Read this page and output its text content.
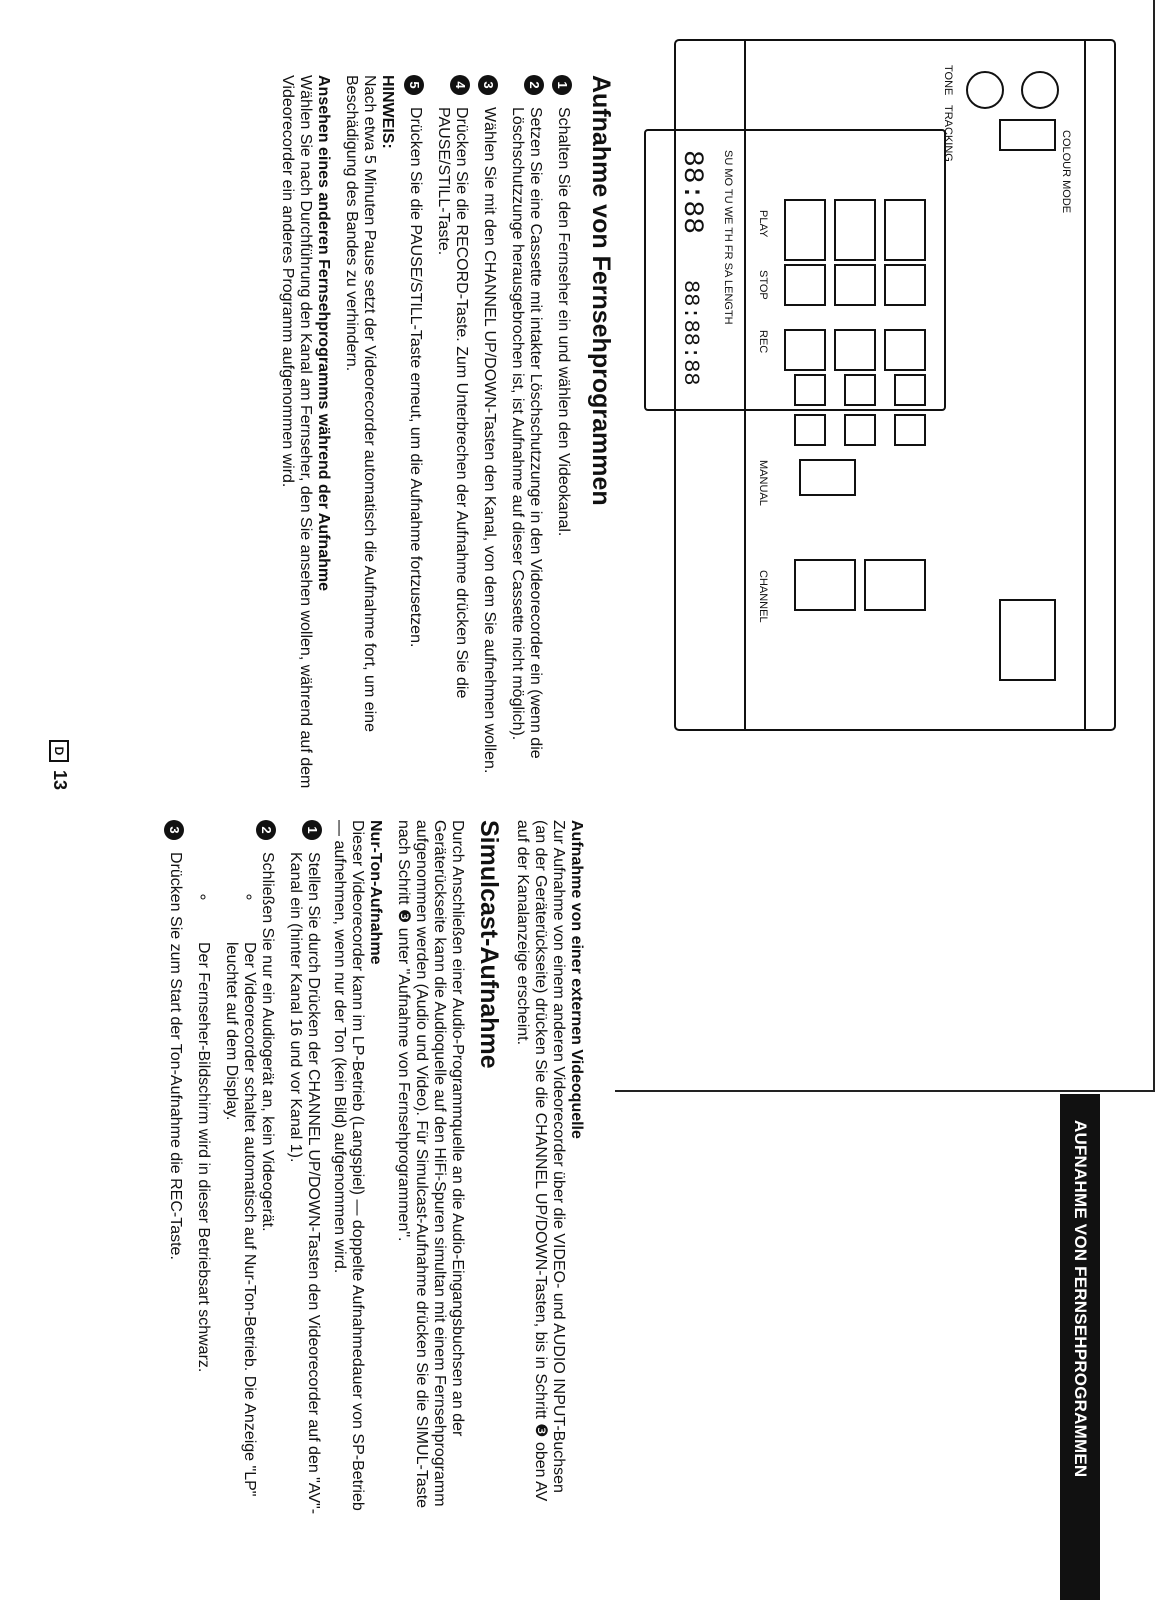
AUFNAHME VON FERNSEHPROGRAMMEN
TONE
TRACKING	COLOUR MODE
PLAY
STOP
REC
MANUAL
CHANNEL
88:88
88:88:88
SU MO TU WE TH FR SA
LENGTH
Aufnahme von Fernsehprogrammen
1
Schalten Sie den Fernseher ein und wählen den Videokanal.
2
Setzen Sie eine Cassette mit intakter Löschschutzzunge in den Videorecorder ein (wenn die Löschschutzzunge herausgebrochen ist, ist Aufnahme auf dieser Cassette nicht möglich).
3
Wählen Sie mit den CHANNEL UP/DOWN-Tasten den Kanal, von dem Sie aufnehmen wollen.
4
Drücken Sie die RECORD-Taste. Zum Unterbrechen der Aufnahme drücken Sie die PAUSE/STILL-Taste.
5
Drücken Sie die PAUSE/STILL-Taste erneut, um die Aufnahme fortzusetzen.

HINWEIS:

Nach etwa 5 Minuten Pause setzt der Videorecorder automatisch die Aufnahme fort, um eine Beschädigung des Bandes zu verhindern.

Ansehen eines anderen Fernsehprogramms während der Aufnahme

Wählen Sie nach Durchführung den Kanal am Fernseher, den Sie ansehen wollen, während auf dem Videorecorder ein anderes Programm aufgenommen wird.

D
13

Aufnahme von einer externen Videoquelle

Zur Aufnahme von einem anderen Videorecorder über die VIDEO- und AUDIO INPUT-Buchsen (an der Geräterückseite) drücken Sie die CHANNEL UP/DOWN-Tasten, bis in Schritt ❸ oben AV auf der Kanalanzeige erscheint.

Simulcast-Aufnahme

Durch Anschließen einer Audio-Programmquelle an die Audio-Eingangsbuchsen an der Geräterückseite kann die Audioquelle auf den HiFi-Spuren simultan mit einem Fernsehprogramm aufgenommen werden (Audio und Video). Für Simulcast-Aufnahme drücken Sie die SIMUL-Taste nach Schritt ❸ unter "Aufnahme von Fernsehprogrammen".

Nur-Ton-Aufnahme

Dieser Videorecorder kann im LP-Betrieb (Langspiel) — doppelte Aufnahmedauer von SP-Betrieb — aufnehmen, wenn nur der Ton (kein Bild) aufgenommen wird.

1
Stellen Sie durch Drücken der CHANNEL UP/DOWN-Tasten den Videorecorder auf den "AV"-Kanal ein (hinter Kanal 16 und vor Kanal 1).
2
Schließen Sie nur ein Audiogerät an, kein Videogerät.
◦ Der Videorecorder schaltet automatisch auf Nur-Ton-Betrieb. Die Anzeige "LP" leuchtet auf dem Display.
◦ Der Fernseher-Bildschirm wird in dieser Betriebsart schwarz.
3
Drücken Sie zum Start der Ton-Aufnahme die REC-Taste.
